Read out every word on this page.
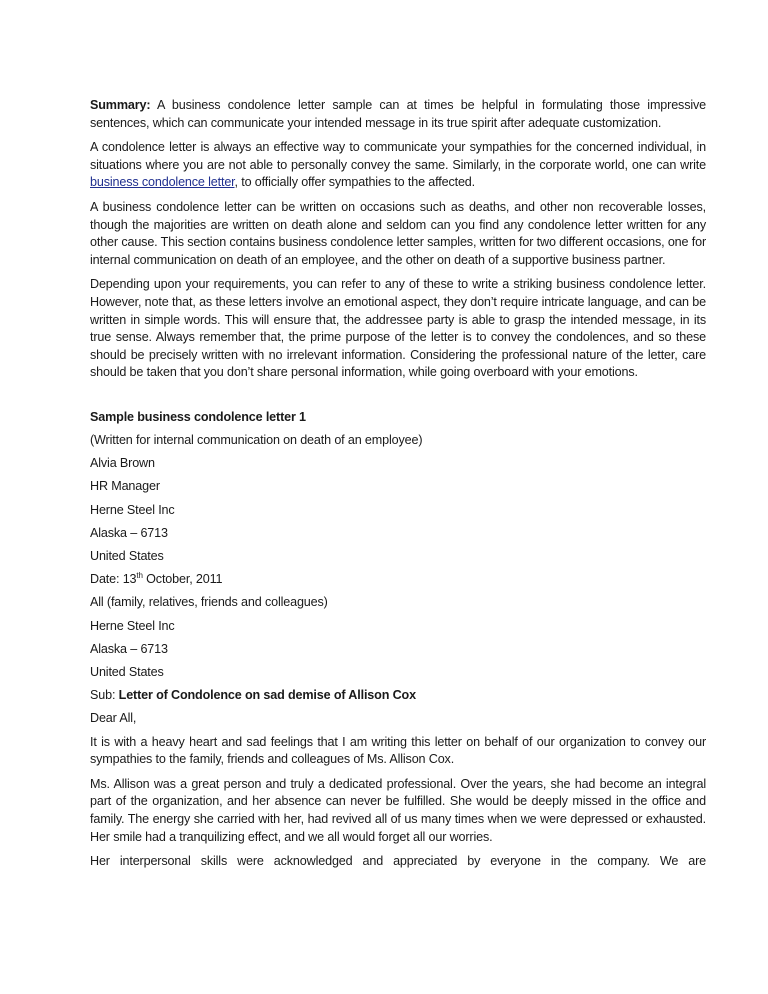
Summary: A business condolence letter sample can at times be helpful in formulating those impressive sentences, which can communicate your intended message in its true spirit after adequate customization.

A condolence letter is always an effective way to communicate your sympathies for the concerned individual, in situations where you are not able to personally convey the same. Similarly, in the corporate world, one can write business condolence letter, to officially offer sympathies to the affected.

A business condolence letter can be written on occasions such as deaths, and other non recoverable losses, though the majorities are written on death alone and seldom can you find any condolence letter written for any other cause. This section contains business condolence letter samples, written for two different occasions, one for internal communication on death of an employee, and the other on death of a supportive business partner.

Depending upon your requirements, you can refer to any of these to write a striking business condolence letter. However, note that, as these letters involve an emotional aspect, they don’t require intricate language, and can be written in simple words. This will ensure that, the addressee party is able to grasp the intended message, in its true sense. Always remember that, the prime purpose of the letter is to convey the condolences, and so these should be precisely written with no irrelevant information. Considering the professional nature of the letter, care should be taken that you don’t share personal information, while going overboard with your emotions.

Sample business condolence letter 1

(Written for internal communication on death of an employee)

Alvia Brown

HR Manager

Herne Steel Inc

Alaska – 6713

United States

Date: 13th October, 2011

All (family, relatives, friends and colleagues)

Herne Steel Inc

Alaska – 6713

United States

Sub: Letter of Condolence on sad demise of Allison Cox

Dear All,

It is with a heavy heart and sad feelings that I am writing this letter on behalf of our organization to convey our sympathies to the family, friends and colleagues of Ms. Allison Cox.

Ms. Allison was a great person and truly a dedicated professional. Over the years, she had become an integral part of the organization, and her absence can never be fulfilled. She would be deeply missed in the office and family. The energy she carried with her, had revived all of us many times when we were depressed or exhausted. Her smile had a tranquilizing effect, and we all would forget all our worries.

Her interpersonal skills were acknowledged and appreciated by everyone in the company. We are
